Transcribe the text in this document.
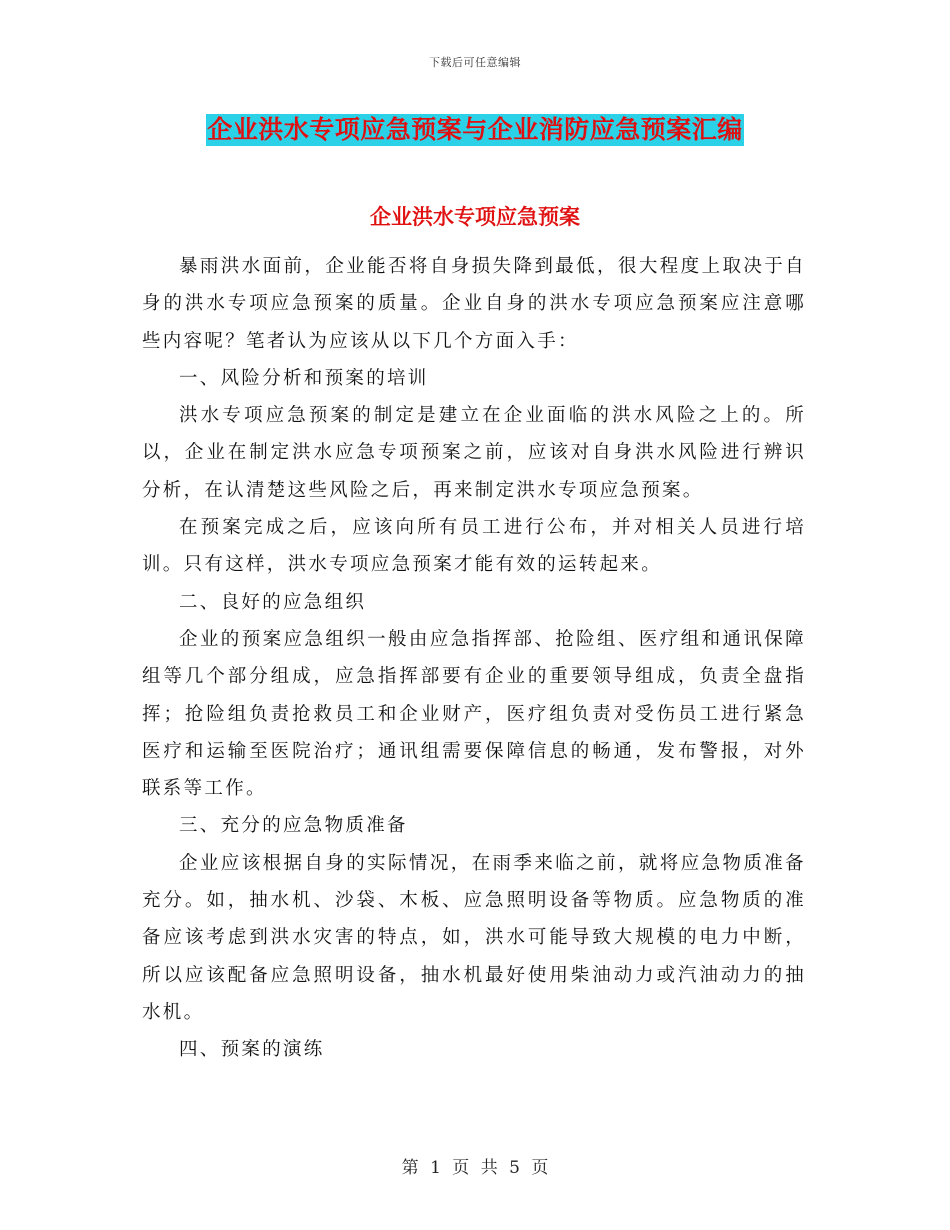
下载后可任意编辑
企业洪水专项应急预案与企业消防应急预案汇编
企业洪水专项应急预案

暴雨洪水面前，企业能否将自身损失降到最低，很大程度上取决于自身的洪水专项应急预案的质量。企业自身的洪水专项应急预案应注意哪些内容呢？笔者认为应该从以下几个方面入手：

一、风险分析和预案的培训

洪水专项应急预案的制定是建立在企业面临的洪水风险之上的。所以，企业在制定洪水应急专项预案之前，应该对自身洪水风险进行辨识分析，在认清楚这些风险之后，再来制定洪水专项应急预案。

在预案完成之后，应该向所有员工进行公布，并对相关人员进行培训。只有这样，洪水专项应急预案才能有效的运转起来。

二、良好的应急组织

企业的预案应急组织一般由应急指挥部、抢险组、医疗组和通讯保障组等几个部分组成，应急指挥部要有企业的重要领导组成，负责全盘指挥；抢险组负责抢救员工和企业财产，医疗组负责对受伤员工进行紧急医疗和运输至医院治疗；通讯组需要保障信息的畅通，发布警报，对外联系等工作。

三、充分的应急物质准备

企业应该根据自身的实际情况，在雨季来临之前，就将应急物质准备充分。如，抽水机、沙袋、木板、应急照明设备等物质。应急物质的准备应该考虑到洪水灾害的特点，如，洪水可能导致大规模的电力中断，所以应该配备应急照明设备，抽水机最好使用柴油动力或汽油动力的抽水机。

四、预案的演练

第 1 页 共 5 页
